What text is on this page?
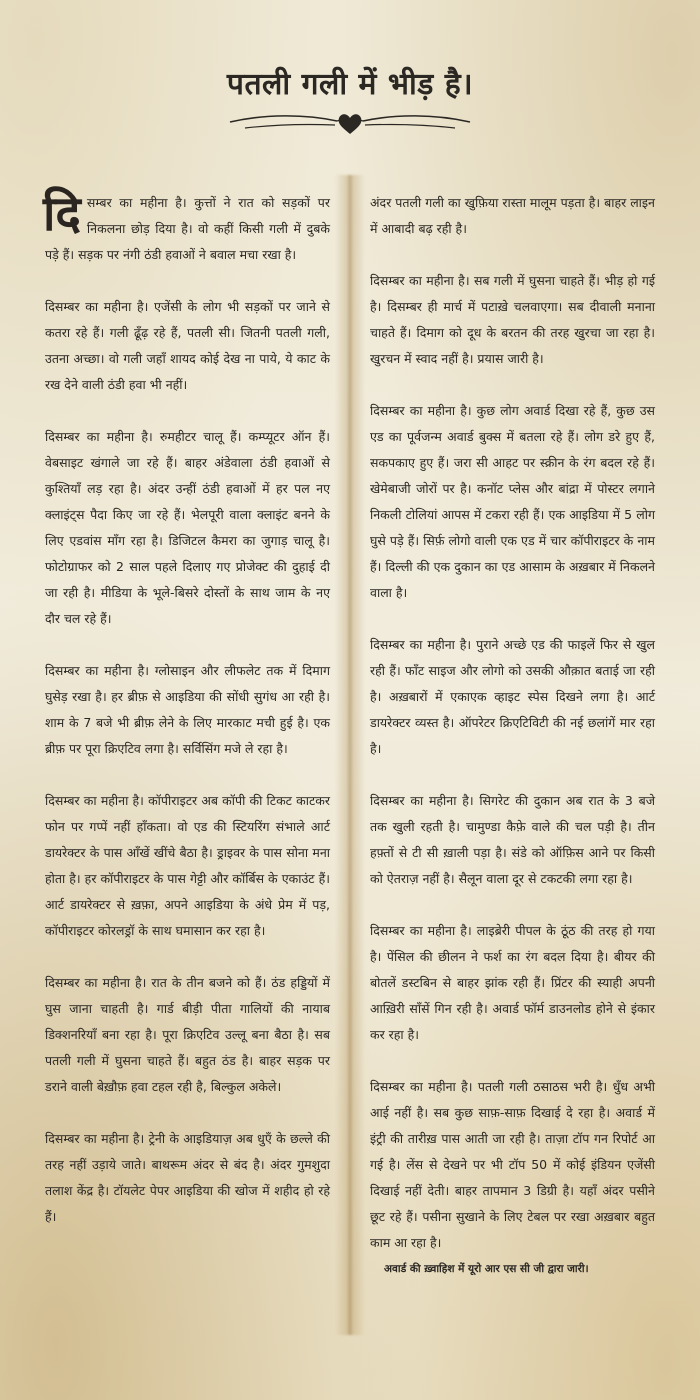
पतली गली में भीड़ है।

दिसम्बर का महीना है। कुत्तों ने रात को सड़कों पर निकलना छोड़ दिया है। वो कहीं किसी गली में दुबके पड़े हैं। सड़क पर नंगी ठंडी हवाओं ने बवाल मचा रखा है।

दिसम्बर का महीना है। एजेंसी के लोग भी सड़कों पर जाने से कतरा रहे हैं। गली ढूँढ़ रहे हैं, पतली सी। जितनी पतली गली, उतना अच्छा। वो गली जहाँ शायद कोई देख ना पाये, ये काट के रख देने वाली ठंडी हवा भी नहीं।

दिसम्बर का महीना है। रुमहीटर चालू हैं। कम्प्यूटर ऑन हैं। वेबसाइट खंगाले जा रहे हैं। बाहर अंडेवाला ठंडी हवाओं से कुश्तियाँ लड़ रहा है। अंदर उन्हीं ठंडी हवाओं में हर पल नए क्लाइंट्स पैदा किए जा रहे हैं। भेलपूरी वाला क्लाइंट बनने के लिए एडवांस माँग रहा है। डिजिटल कैमरा का जुगाड़ चालू है। फोटोग्राफर को 2 साल पहले दिलाए गए प्रोजेक्ट की दुहाई दी जा रही है। मीडिया के भूले-बिसरे दोस्तों के साथ जाम के नए दौर चल रहे हैं।

दिसम्बर का महीना है। ग्लोसाइन और लीफलेट तक में दिमाग घुसेड़ रखा है। हर ब्रीफ़ से आइडिया की सोंधी सुगंध आ रही है। शाम के 7 बजे भी ब्रीफ़ लेने के लिए मारकाट मची हुई है। एक ब्रीफ़ पर पूरा क्रिएटिव लगा है। सर्विसिंग मजे ले रहा है।

दिसम्बर का महीना है। कॉपीराइटर अब कॉपी की टिकट काटकर फोन पर गप्पें नहीं हाँकता। वो एड की स्टियरिंग संभाले आर्ट डायरेक्टर के पास आँखें खींचे बैठा है। ड्राइवर के पास सोना मना होता है। हर कॉपीराइटर के पास गेट्टी और कॉर्बिस के एकाउंट हैं। आर्ट डायरेक्टर से ख़फ़ा, अपने आइडिया के अंधे प्रेम में पड़, कॉपीराइटर कोरलड्रॉ के साथ घमासान कर रहा है।

दिसम्बर का महीना है। रात के तीन बजने को हैं। ठंड हड्डियों में घुस जाना चाहती है। गार्ड बीड़ी पीता गालियों की नायाब डिक्शनरियाँ बना रहा है। पूरा क्रिएटिव उल्लू बना बैठा है। सब पतली गली में घुसना चाहते हैं। बहुत ठंड है। बाहर सड़क पर डराने वाली बेख़ौफ़ हवा टहल रही है, बिल्कुल अकेले।

दिसम्बर का महीना है। ट्रेनी के आइडियाज़ अब धुएँ के छल्ले की तरह नहीं उड़ाये जाते। बाथरूम अंदर से बंद है। अंदर गुमशुदा तलाश केंद्र है। टॉयलेट पेपर आइडिया की खोज में शहीद हो रहे हैं।

अंदर पतली गली का खुफ़िया रास्ता मालूम पड़ता है। बाहर लाइन में आबादी बढ़ रही है।

दिसम्बर का महीना है। सब गली में घुसना चाहते हैं। भीड़ हो गई है। दिसम्बर ही मार्च में पटाख़े चलवाएगा। सब दीवाली मनाना चाहते हैं। दिमाग को दूध के बरतन की तरह खुरचा जा रहा है। खुरचन में स्वाद नहीं है। प्रयास जारी है।

दिसम्बर का महीना है। कुछ लोग अवार्ड दिखा रहे हैं, कुछ उस एड का पूर्वजन्म अवार्ड बुक्स में बतला रहे हैं। लोग डरे हुए हैं, सकपकाए हुए हैं। जरा सी आहट पर स्क्रीन के रंग बदल रहे हैं। खेमेबाजी जोरों पर है। कनॉट प्लेस और बांद्रा में पोस्टर लगाने निकली टोलियां आपस में टकरा रही हैं। एक आइडिया में 5 लोग घुसे पड़े हैं। सिर्फ़ लोगो वाली एक एड में चार कॉपीराइटर के नाम हैं। दिल्ली की एक दुकान का एड आसाम के अख़बार में निकलने वाला है।

दिसम्बर का महीना है। पुराने अच्छे एड की फाइलें फिर से खुल रही हैं। फॉंट साइज और लोगो को उसकी औक़ात बताई जा रही है। अख़बारों में एकाएक व्हाइट स्पेस दिखने लगा है। आर्ट डायरेक्टर व्यस्त है। ऑपरेटर क्रिएटिविटी की नई छलांगें मार रहा है।

दिसम्बर का महीना है। सिगरेट की दुकान अब रात के 3 बजे तक खुली रहती है। चामुण्डा कैफ़े वाले की चल पड़ी है। तीन हफ़्तों से टी सी ख़ाली पड़ा है। संडे को ऑफ़िस आने पर किसी को ऐतराज़ नहीं है। सैलून वाला दूर से टकटकी लगा रहा है।

दिसम्बर का महीना है। लाइब्रेरी पीपल के ठूंठ की तरह हो गया है। पेंसिल की छीलन ने फर्श का रंग बदल दिया है। बीयर की बोतलें डस्टबिन से बाहर झांक रही हैं। प्रिंटर की स्याही अपनी आख़िरी साँसें गिन रही है। अवार्ड फॉर्म डाउनलोड होने से इंकार कर रहा है।

दिसम्बर का महीना है। पतली गली ठसाठस भरी है। धुँध अभी आई नहीं है। सब कुछ साफ़-साफ़ दिखाई दे रहा है। अवार्ड में इंट्री की तारीख़ पास आती जा रही है। ताज़ा टॉप गन रिपोर्ट आ गई है। लेंस से देखने पर भी टॉप 50 में कोई इंडियन एजेंसी दिखाई नहीं देती। बाहर तापमान 3 डिग्री है। यहाँ अंदर पसीने छूट रहे हैं। पसीना सुखाने के लिए टेबल पर रखा अख़बार बहुत काम आ रहा है।

अवार्ड की ख़्वाहिश में यूरो आर एस सी जी द्वारा जारी।
